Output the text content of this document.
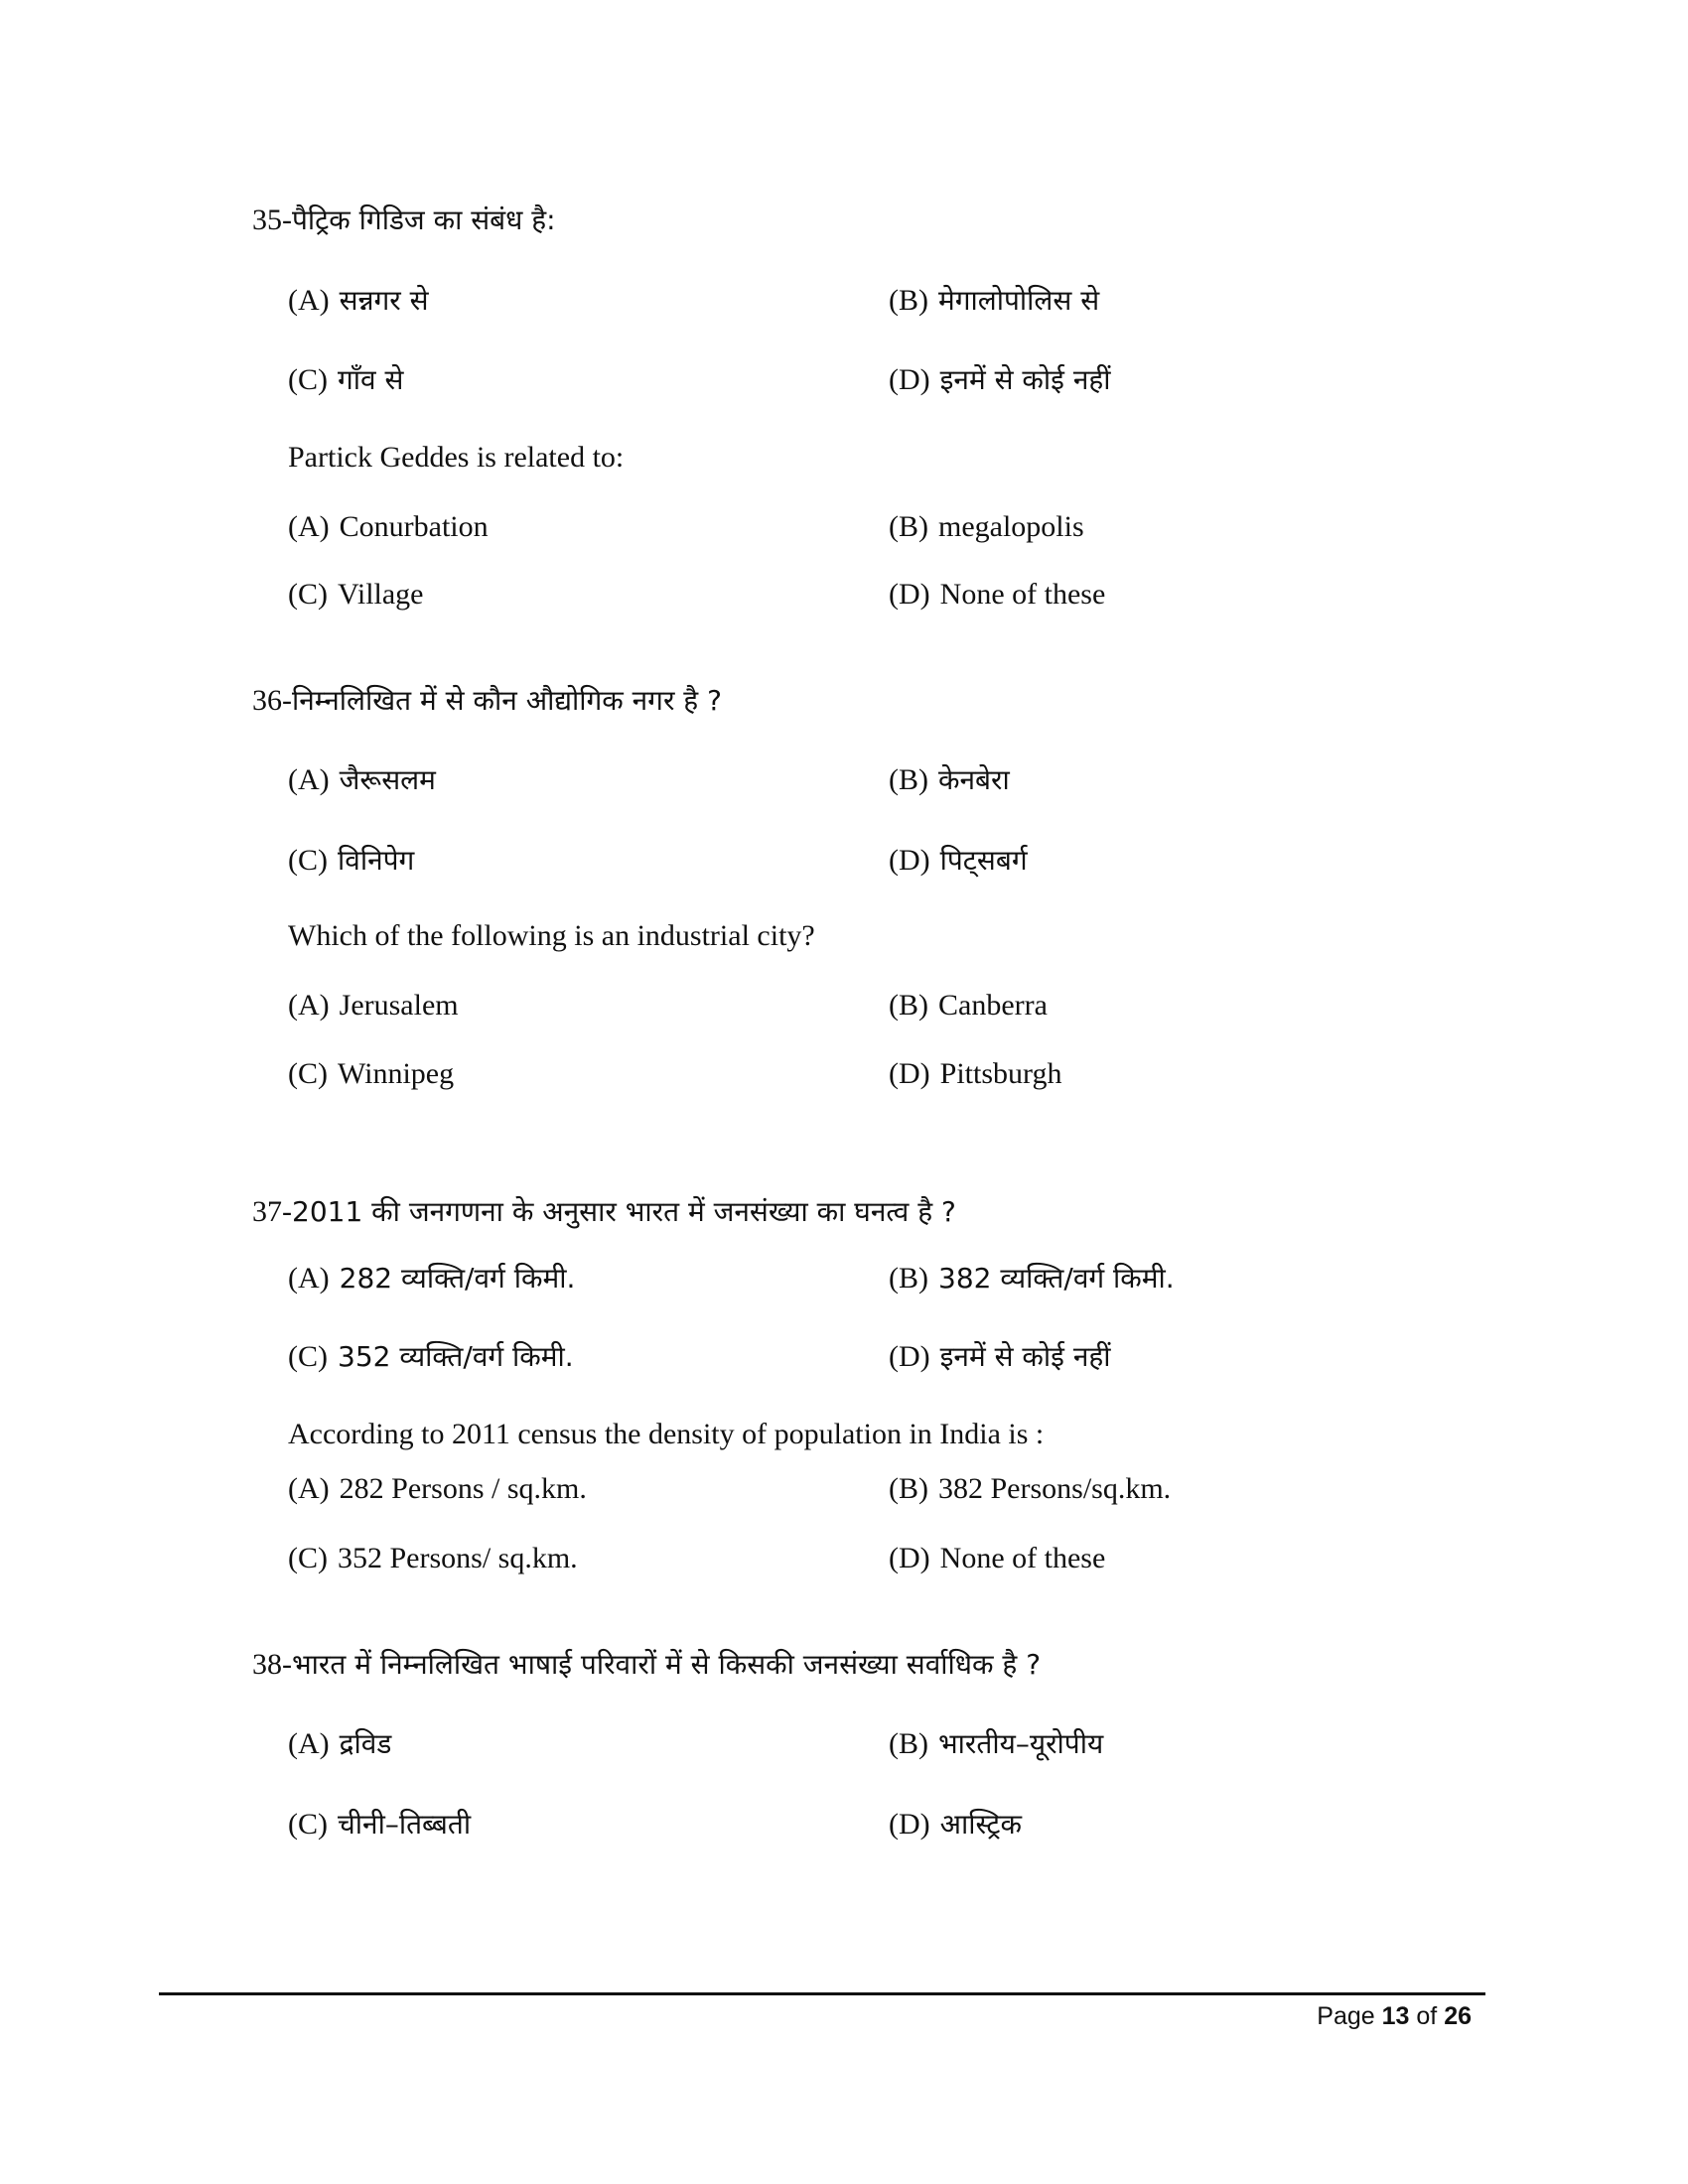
35-पैट्रिक गिडिज का संबंध है:
(A) सन्नगर से	(B) मेगालोपोलिस से
(C) गाँव से	(D) इनमें से कोई नहीं
Partick Geddes is related to:
(A) Conurbation	(B) megalopolis
(C) Village	(D) None of these
36-निम्नलिखित में से कौन औद्योगिक नगर है ?
(A) जैरूसलम	(B) केनबेरा
(C) विनिपेग	(D) पिट्सबर्ग
Which of the following is an industrial city?
(A) Jerusalem	(B) Canberra
(C) Winnipeg	(D) Pittsburgh
37-2011 की जनगणना के अनुसार भारत में जनसंख्या का घनत्व है ?
(A) 282 व्यक्ति/वर्ग किमी.	(B) 382 व्यक्ति/वर्ग किमी.
(C) 352 व्यक्ति/वर्ग किमी.	(D) इनमें से कोई नहीं
According to 2011 census the density of population in India is :
(A) 282 Persons / sq.km.	(B) 382 Persons/sq.km.
(C) 352 Persons/ sq.km.	(D) None of these
38-भारत में निम्नलिखित भाषाई परिवारों में से किसकी जनसंख्या सर्वाधिक है ?
(A) द्रविड	(B) भारतीय–यूरोपीय
(C) चीनी–तिब्बती	(D) आस्ट्रिक
Page 13 of 26
